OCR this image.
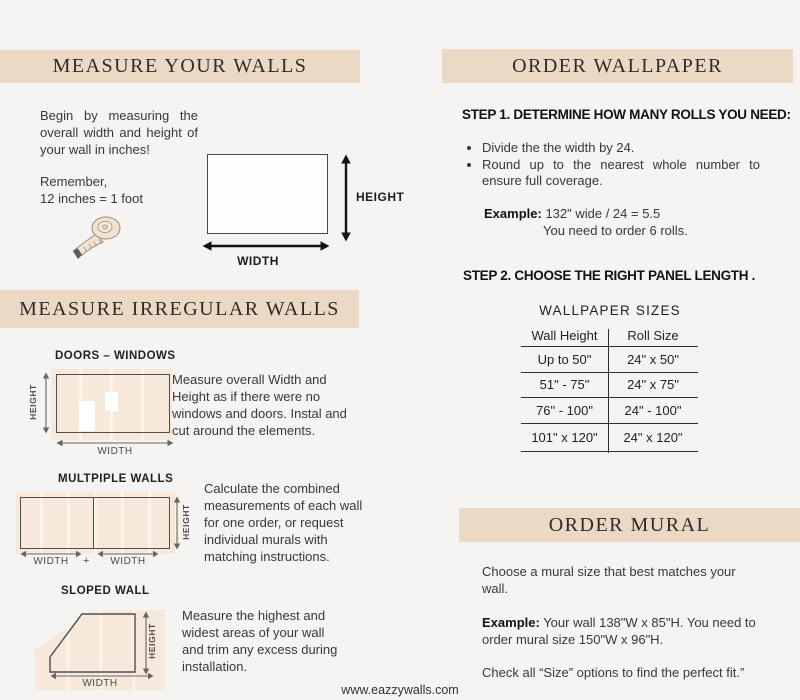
MEASURE YOUR WALLS
Begin by measuring the overall width and height of your wall in inches!
Remember,
12 inches = 1 foot	HEIGHT
WIDTH
MEASURE IRREGULAR WALLS
DOORS – WINDOWS
HEIGHT
WIDTH
Measure overall Width and Height as if there were no windows and doors. Instal and cut around the elements.
MULTPIPLE WALLS
HEIGHT
WIDTH	+	WIDTH
Calculate the combined measurements of each wall for one order, or request individual murals with matching instructions.
SLOPED WALL
HEIGHT
WIDTH
Measure the highest and widest areas of your wall and trim any excess during installation.
ORDER WALLPAPER
STEP 1. DETERMINE HOW MANY ROLLS YOU NEED:
• Divide the the width by 24.
• Round up to the nearest whole number to ensure full coverage.
Example: 132" wide / 24 = 5.5
You need to order 6 rolls.
STEP 2. CHOOSE THE RIGHT PANEL LENGTH .
WALLPAPER SIZES
Wall Height	Roll Size
Up to 50"	24" x 50"
51" - 75"	24" x 75"
76" - 100"	24" - 100"
101" x 120"	24" x 120"
ORDER MURAL
Choose a mural size that best matches your wall.
Example: Your wall 138"W x 85"H. You need to
order mural size 150"W x 96"H.
Check all “Size” options to find the perfect fit.”
www.eazzywalls.com
